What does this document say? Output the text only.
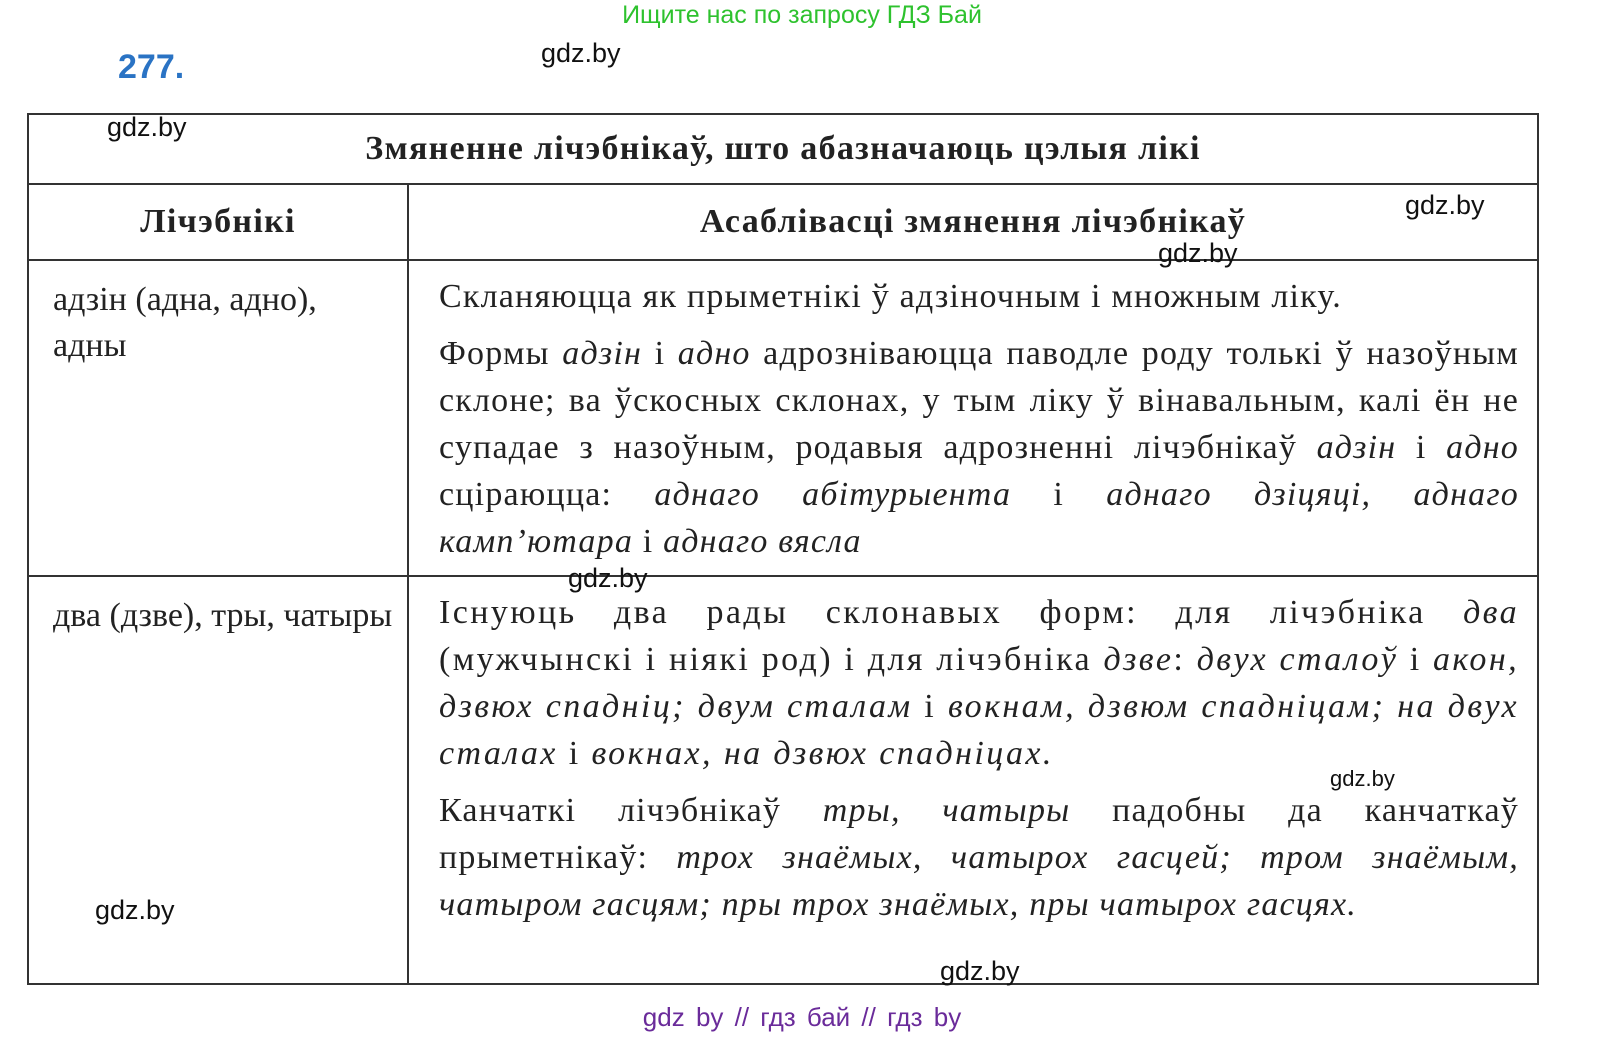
Ищите нас по запросу ГДЗ Бай
277.
Змяненне лічэбнікаў, што абазначаюць цэлыя лікі
Лічэбнікі	Асаблівасці змянення лічэбнікаў
адзін (адна, адно), адны

Скланяюцца як прыметнікі ў адзіночным і множным ліку.

Формы адзін і адно адрозніваюцца паводле роду толькі ў назоўным склоне; ва ўскосных склонах, у тым ліку ў вінавальным, калі ён не супадае з назоўным, родавыя адрозненні лічэбнікаў адзін і адно сціраюцца: аднаго абітурыента і аднаго дзіцяці, аднаго камп’ютара і аднаго вясла

два (дзве), тры, чатыры Існуюць два рады склонавых форм: для лічэбніка два (мужчынскі і ніякі род) і для лічэбніка дзве: двух сталоў і акон, дзвюх спадніц; двум сталам і вокнам, дзвюм спадніцам; на двух сталах і вокнах, на дзвюх спадніцах.

Канчаткі лічэбнікаў тры, чатыры падобны да канчаткаў прыметнікаў: трох знаёмых, чатырох гасцей; тром знаёмым, чатыром гасцям; пры трох знаёмых, пры чатырох гасцях.

gdz.by
gdz.by
gdz.by
gdz.by
gdz.by
gdz.by
gdz.by
gdz.by
gdz by // гдз бай // гдз by
